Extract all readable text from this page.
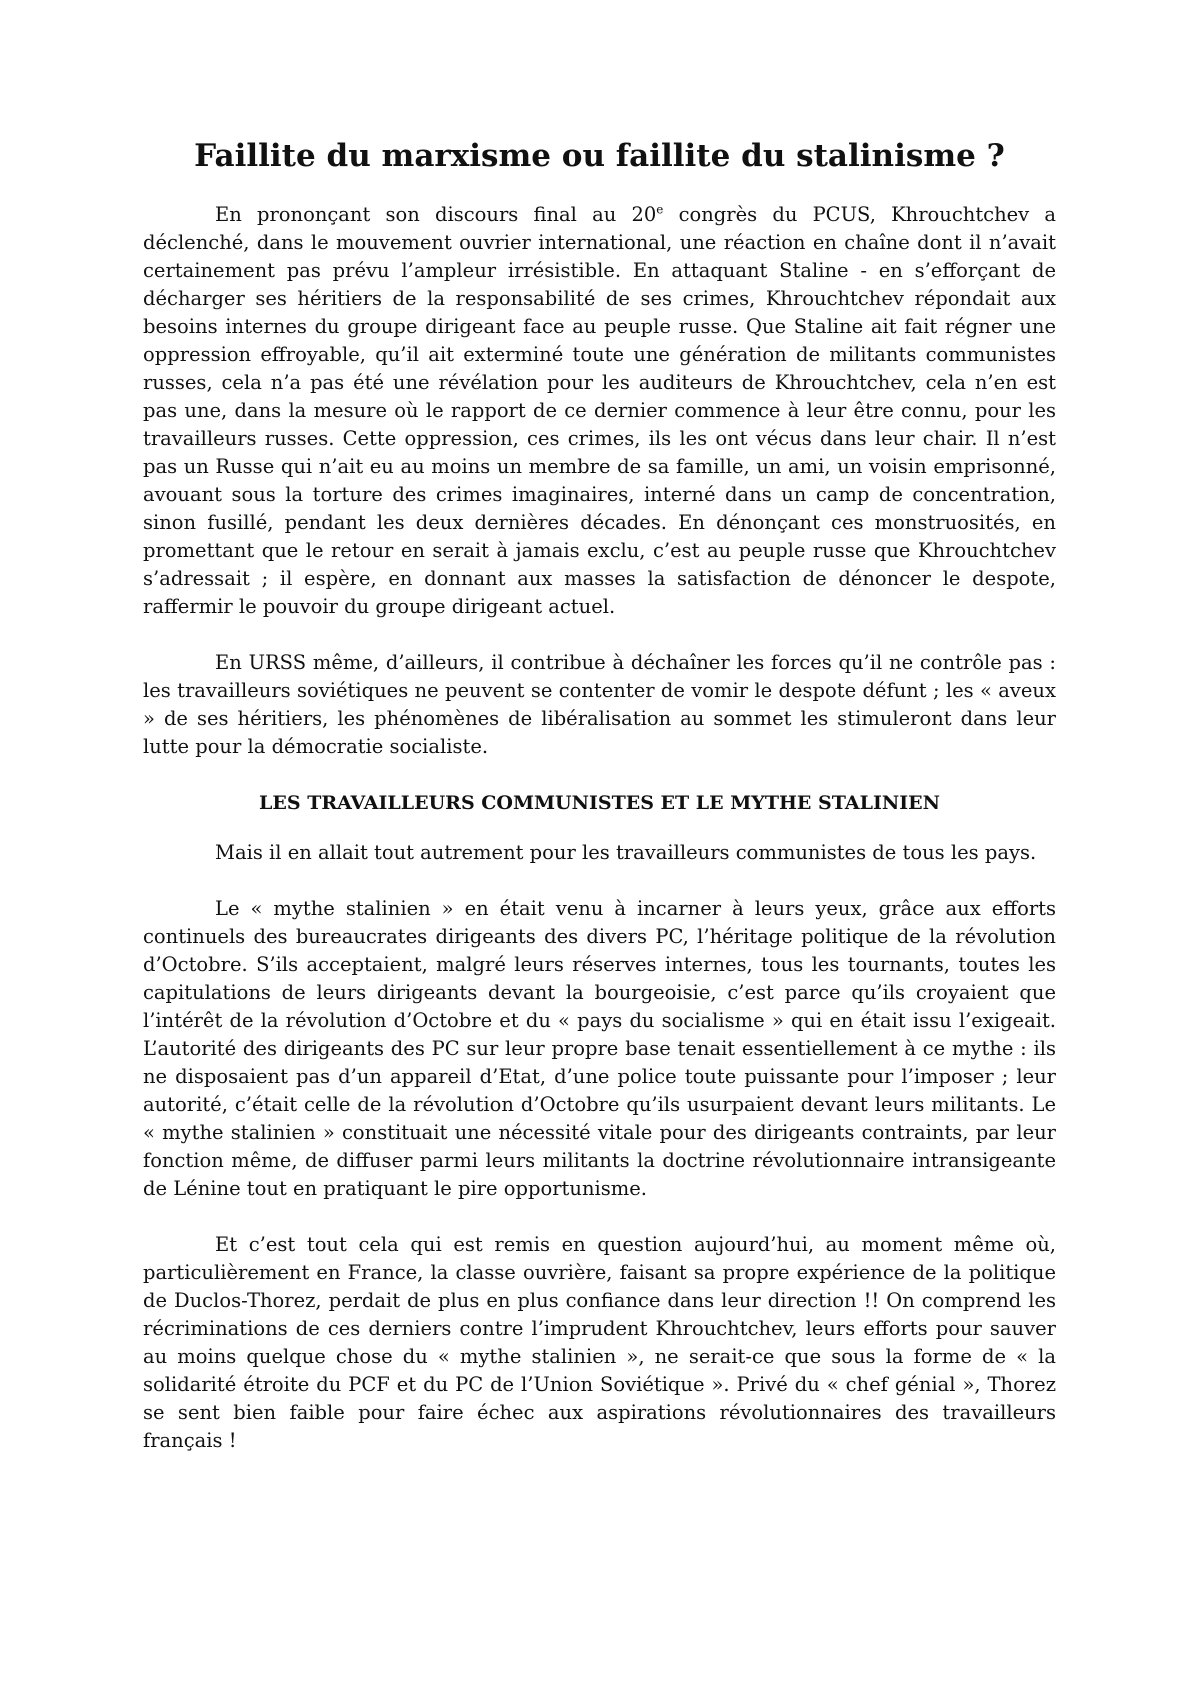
Faillite du marxisme ou faillite du stalinisme ?

En prononçant son discours final au 20e congrès du PCUS, Khrouchtchev a déclenché, dans le mouvement ouvrier international, une réaction en chaîne dont il n’avait certainement pas prévu l’ampleur irrésistible. En attaquant Staline - en s’efforçant de décharger ses héritiers de la responsabilité de ses crimes, Khrouchtchev répondait aux besoins internes du groupe dirigeant face au peuple russe. Que Staline ait fait régner une oppression effroyable, qu’il ait exterminé toute une génération de militants communistes russes, cela n’a pas été une révélation pour les auditeurs de Khrouchtchev, cela n’en est pas une, dans la mesure où le rapport de ce dernier commence à leur être connu, pour les travailleurs russes. Cette oppression, ces crimes, ils les ont vécus dans leur chair. Il n’est pas un Russe qui n’ait eu au moins un membre de sa famille, un ami, un voisin emprisonné, avouant sous la torture des crimes imaginaires, interné dans un camp de concentration, sinon fusillé, pendant les deux dernières décades. En dénonçant ces monstruosités, en promettant que le retour en serait à jamais exclu, c’est au peuple russe que Khrouchtchev s’adressait ; il espère, en donnant aux masses la satisfaction de dénoncer le despote, raffermir le pouvoir du groupe dirigeant actuel.

En URSS même, d’ailleurs, il contribue à déchaîner les forces qu’il ne contrôle pas : les travailleurs soviétiques ne peuvent se contenter de vomir le despote défunt ; les « aveux » de ses héritiers, les phénomènes de libéralisation au sommet les stimuleront dans leur lutte pour la démocratie socialiste.

LES TRAVAILLEURS COMMUNISTES ET LE MYTHE STALINIEN

Mais il en allait tout autrement pour les travailleurs communistes de tous les pays.

Le « mythe stalinien » en était venu à incarner à leurs yeux, grâce aux efforts continuels des bureaucrates dirigeants des divers PC, l’héritage politique de la révolution d’Octobre. S’ils acceptaient, malgré leurs réserves internes, tous les tournants, toutes les capitulations de leurs dirigeants devant la bourgeoisie, c’est parce qu’ils croyaient que l’intérêt de la révolution d’Octobre et du « pays du socialisme » qui en était issu l’exigeait. L’autorité des dirigeants des PC sur leur propre base tenait essentiellement à ce mythe : ils ne disposaient pas d’un appareil d’Etat, d’une police toute puissante pour l’imposer ; leur autorité, c’était celle de la révolution d’Octobre qu’ils usurpaient devant leurs militants. Le « mythe stalinien » constituait une nécessité vitale pour des dirigeants contraints, par leur fonction même, de diffuser parmi leurs militants la doctrine révolutionnaire intransigeante de Lénine tout en pratiquant le pire opportunisme.

Et c’est tout cela qui est remis en question aujourd’hui, au moment même où, particulièrement en France, la classe ouvrière, faisant sa propre expérience de la politique de Duclos-Thorez, perdait de plus en plus confiance dans leur direction !! On comprend les récriminations de ces derniers contre l’imprudent Khrouchtchev, leurs efforts pour sauver au moins quelque chose du « mythe stalinien », ne serait-ce que sous la forme de « la solidarité étroite du PCF et du PC de l’Union Soviétique ». Privé du « chef génial », Thorez se sent bien faible pour faire échec aux aspirations révolutionnaires des travailleurs français !
